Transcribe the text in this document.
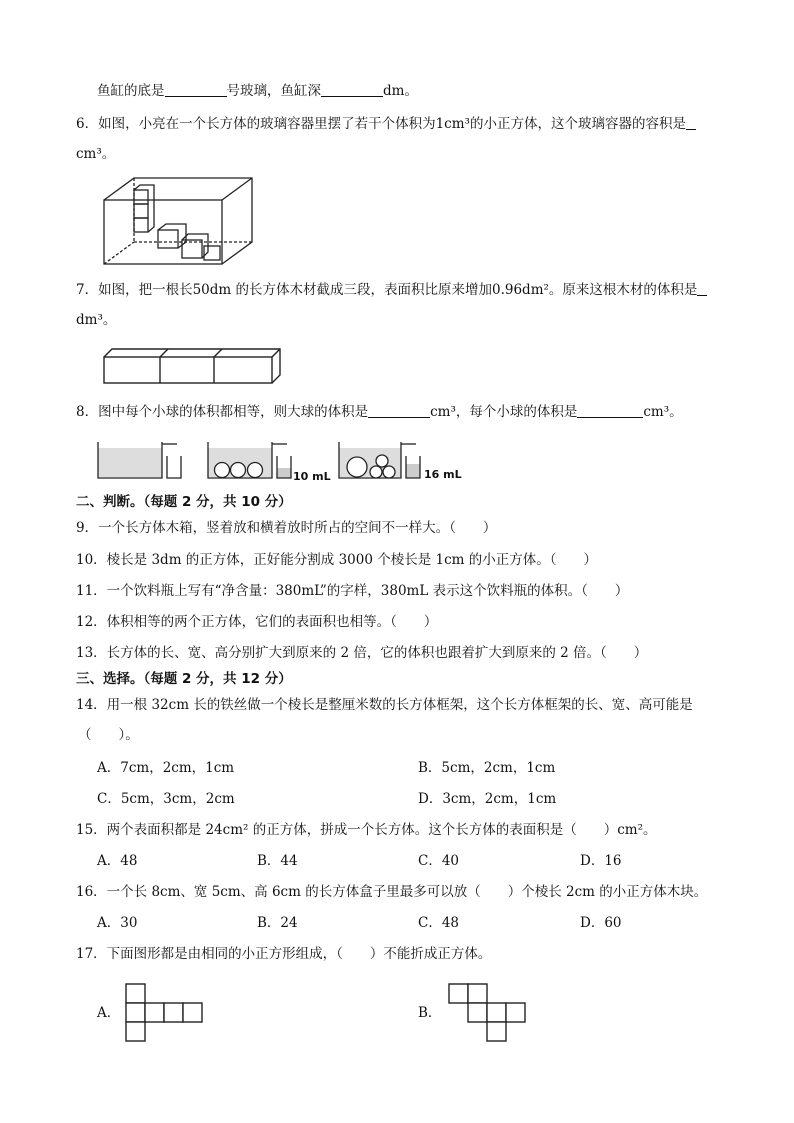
鱼缸的底是	号玻璃，鱼缸深	dm。
6．如图，小亮在一个长方体的玻璃容器里摆了若干个体积为1cm³的小正方体，这个玻璃容器的容积是
cm³。
7．如图，把一根长50dm 的长方体木材截成三段，表面积比原来增加0.96dm²。原来这根木材的体积是
dm³。
8．图中每个小球的体积都相等，则大球的体积是	cm³，每个小球的体积是	cm³。
10 mL	16 mL
二、判断。（每题 2 分，共 10 分）
9．一个长方体木箱，竖着放和横着放时所占的空间不一样大。（　　）
10．棱长是 3dm 的正方体，正好能分割成 3000 个棱长是 1cm 的小正方体。（　　）
11．一个饮料瓶上写有“净含量：380mL”的字样，380mL 表示这个饮料瓶的体积。（　　）
12．体积相等的两个正方体，它们的表面积也相等。（　　）
13．长方体的长、宽、高分别扩大到原来的 2 倍，它的体积也跟着扩大到原来的 2 倍。（　　）
三、选择。（每题 2 分，共 12 分）
14．用一根 32cm 长的铁丝做一个棱长是整厘米数的长方体框架，这个长方体框架的长、宽、高可能是
（　　）。
A．7cm，2cm，1cm	B．5cm，2cm，1cm
C．5cm，3cm，2cm	D．3cm，2cm，1cm
15．两个表面积都是 24cm² 的正方体，拼成一个长方体。这个长方体的表面积是（　　）cm²。
A．48	B．44	C．40	D．16
16．一个长 8cm、宽 5cm、高 6cm 的长方体盒子里最多可以放（　　）个棱长 2cm 的小正方体木块。
A．30	B．24	C．48	D．60
17．下面图形都是由相同的小正方形组成，（　　）不能折成正方体。
A．	B．
